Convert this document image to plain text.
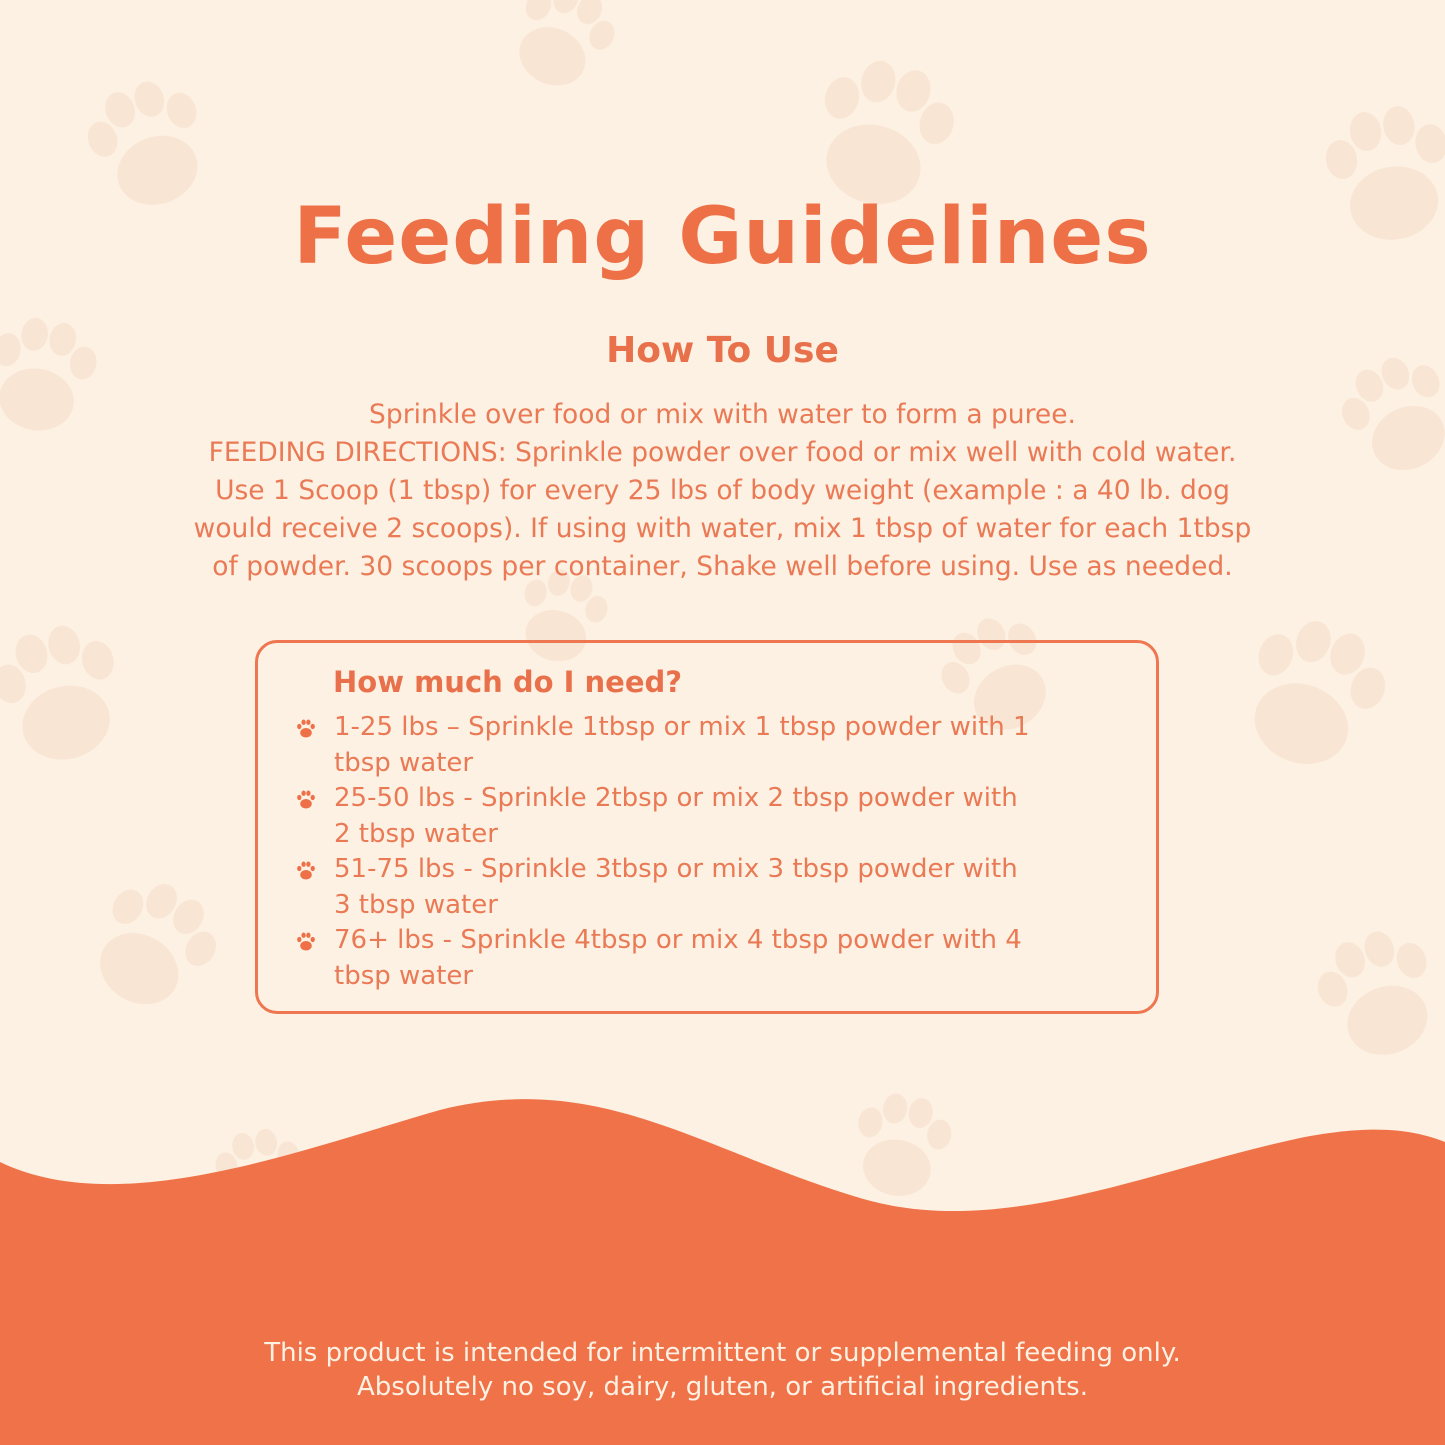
Feeding Guidelines
How To Use
Sprinkle over food or mix with water to form a puree.
FEEDING DIRECTIONS: Sprinkle powder over food or mix well with cold water.
Use 1 Scoop (1 tbsp) for every 25 lbs of body weight (example : a 40 lb. dog
would receive 2 scoops). If using with water, mix 1 tbsp of water for each 1tbsp
of powder. 30 scoops per container, Shake well before using. Use as needed.
How much do I need?
1-25 lbs – Sprinkle 1tbsp or mix 1 tbsp powder with 1
tbsp water
25-50 lbs - Sprinkle 2tbsp or mix 2 tbsp powder with
2 tbsp water
51-75 lbs - Sprinkle 3tbsp or mix 3 tbsp powder with
3 tbsp water
76+ lbs - Sprinkle 4tbsp or mix 4 tbsp powder with 4
tbsp water
This product is intended for intermittent or supplemental feeding only.
Absolutely no soy, dairy, gluten, or artificial ingredients.
